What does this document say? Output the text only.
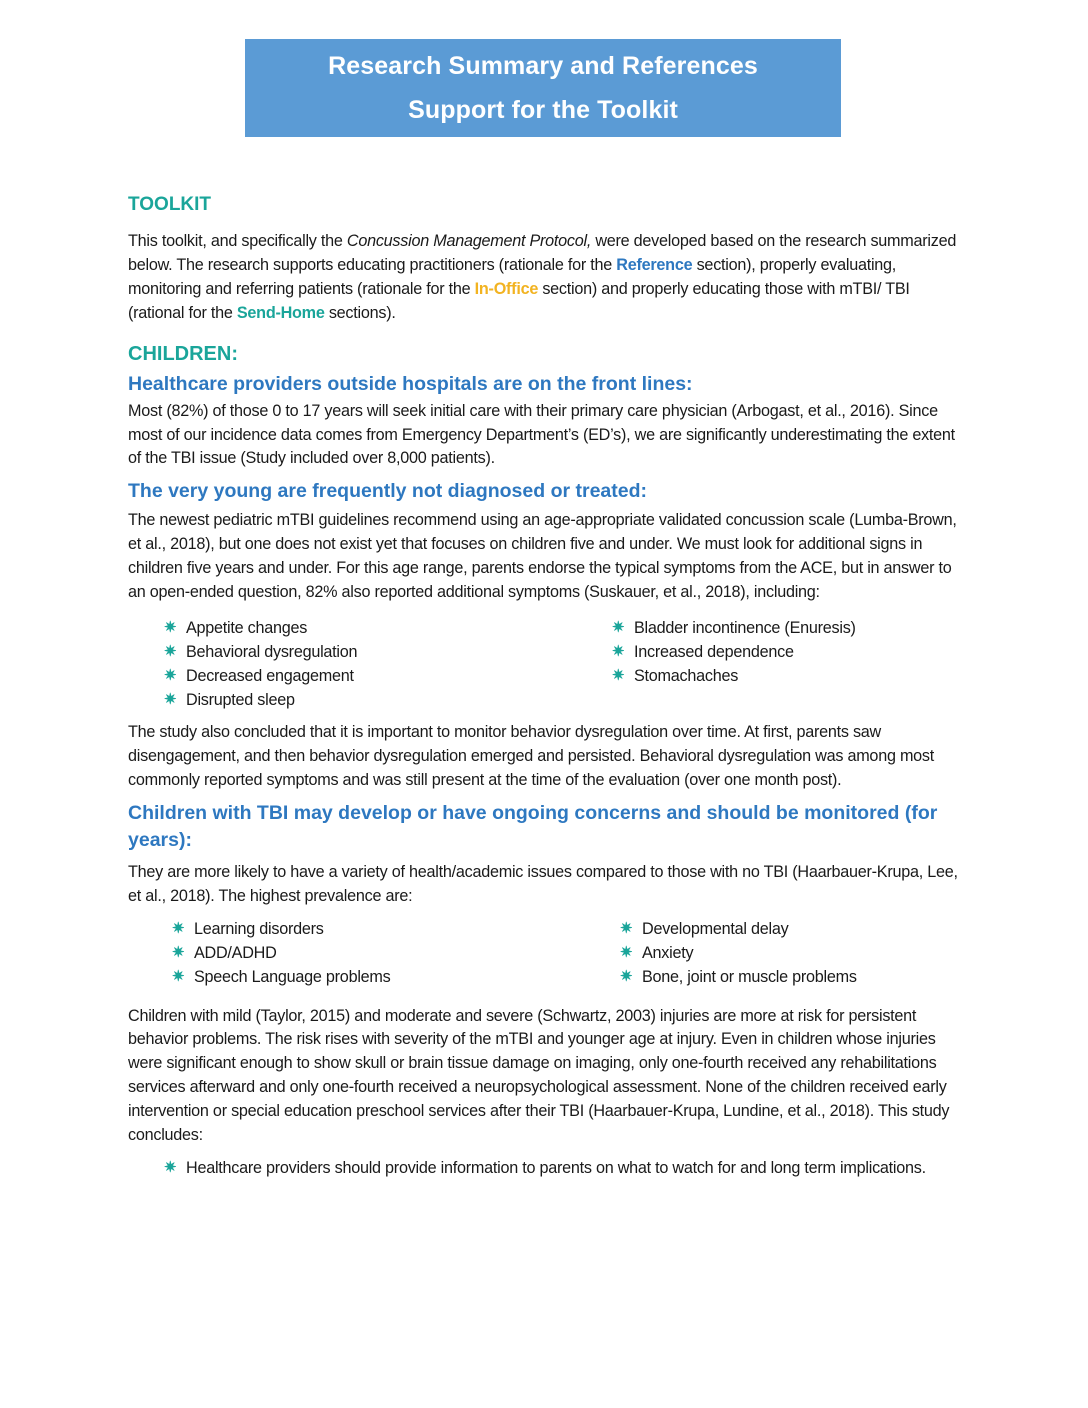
Research Summary and References
Support for the Toolkit
TOOLKIT

This toolkit, and specifically the Concussion Management Protocol, were developed based on the research summarized below. The research supports educating practitioners (rationale for the Reference section), properly evaluating, monitoring and referring patients (rationale for the In-Office section) and properly educating those with mTBI/ TBI (rational for the Send-Home sections).

CHILDREN:
Healthcare providers outside hospitals are on the front lines:

Most (82%) of those 0 to 17 years will seek initial care with their primary care physician (Arbogast, et al., 2016). Since most of our incidence data comes from Emergency Department’s (ED’s), we are significantly underestimating the extent of the TBI issue (Study included over 8,000 patients).

The very young are frequently not diagnosed or treated:

The newest pediatric mTBI guidelines recommend using an age-appropriate validated concussion scale (Lumba-Brown, et al., 2018), but one does not exist yet that focuses on children five and under. We must look for additional signs in children five years and under. For this age range, parents endorse the typical symptoms from the ACE, but in answer to an open-ended question, 82% also reported additional symptoms (Suskauer, et al., 2018), including:

✷ Appetite changes
✷ Behavioral dysregulation
✷ Decreased engagement
✷ Disrupted sleep
✷ Bladder incontinence (Enuresis)
✷ Increased dependence
✷ Stomachaches

The study also concluded that it is important to monitor behavior dysregulation over time. At first, parents saw disengagement, and then behavior dysregulation emerged and persisted. Behavioral dysregulation was among most commonly reported symptoms and was still present at the time of the evaluation (over one month post).

Children with TBI may develop or have ongoing concerns and should be monitored (for years):

They are more likely to have a variety of health/academic issues compared to those with no TBI (Haarbauer-Krupa, Lee, et al., 2018). The highest prevalence are:

✷ Learning disorders
✷ ADD/ADHD
✷ Speech Language problems
✷ Developmental delay
✷ Anxiety
✷ Bone, joint or muscle problems

Children with mild (Taylor, 2015) and moderate and severe (Schwartz, 2003) injuries are more at risk for persistent behavior problems. The risk rises with severity of the mTBI and younger age at injury. Even in children whose injuries were significant enough to show skull or brain tissue damage on imaging, only one-fourth received any rehabilitations services afterward and only one-fourth received a neuropsychological assessment. None of the children received early intervention or special education preschool services after their TBI (Haarbauer-Krupa, Lundine, et al., 2018). This study concludes:

✷ Healthcare providers should provide information to parents on what to watch for and long term implications.
